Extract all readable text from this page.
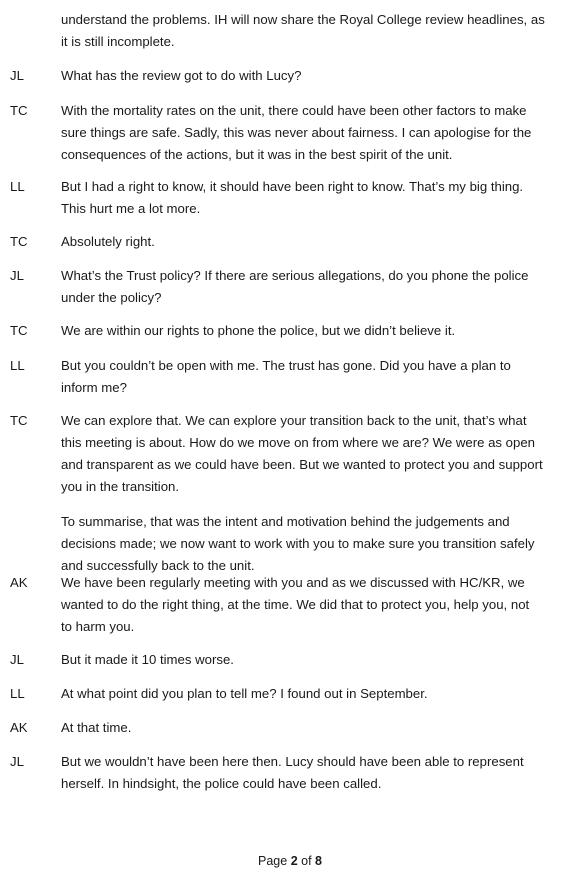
understand the problems. IH will now share the Royal College review headlines, as
it is still incomplete.
JL	What has the review got to do with Lucy?
TC	With the mortality rates on the unit, there could have been other factors to make
sure things are safe. Sadly, this was never about fairness. I can apologise for the
consequences of the actions, but it was in the best spirit of the unit.
LL	But I had a right to know, it should have been right to know. That’s my big thing.
This hurt me a lot more.
TC	Absolutely right.
JL	What’s the Trust policy? If there are serious allegations, do you phone the police
under the policy?
TC	We are within our rights to phone the police, but we didn’t believe it.
LL	But you couldn’t be open with me. The trust has gone. Did you have a plan to
inform me?
TC	We can explore that. We can explore your transition back to the unit, that’s what
this meeting is about. How do we move on from where we are? We were as open
and transparent as we could have been. But we wanted to protect you and support
you in the transition.
To summarise, that was the intent and motivation behind the judgements and
decisions made; we now want to work with you to make sure you transition safely
and successfully back to the unit.
AK	We have been regularly meeting with you and as we discussed with HC/KR, we
wanted to do the right thing, at the time. We did that to protect you, help you, not
to harm you.
JL	But it made it 10 times worse.
LL	At what point did you plan to tell me? I found out in September.
AK	At that time.
JL	But we wouldn’t have been here then. Lucy should have been able to represent
herself. In hindsight, the police could have been called.
Page 2 of 8
